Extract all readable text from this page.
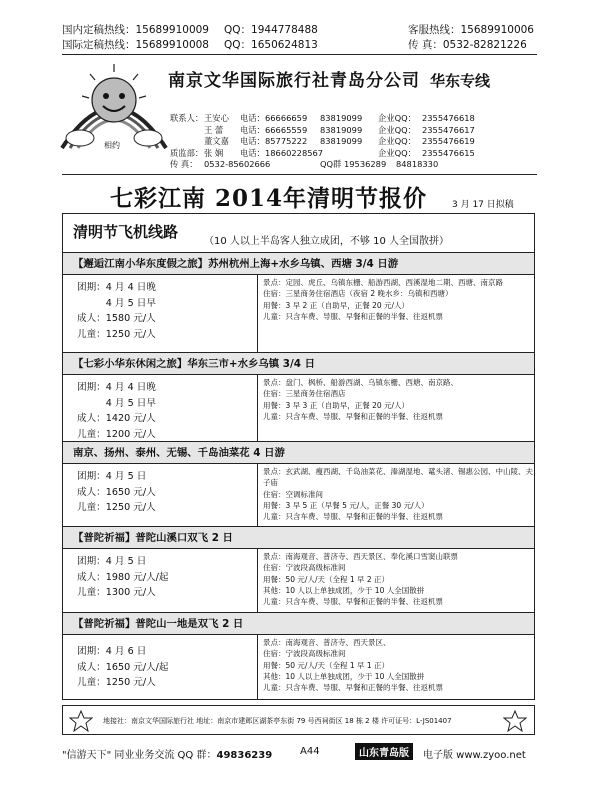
国内定稿热线：15689910009 QQ：1944778488	客服热线：15689910006
国际定稿热线：15689910008 QQ：1650624813	传 真：0532-82821226
相约
南京文华国际旅行社青岛分公司 华东专线
联系人： 王安心 电话： 66666659 83819099 企业QQ： 2355476618
王 蕾 电话： 66665559 83819099 企业QQ： 2355476617
董文嘉 电话： 85775222 83819099 企业QQ： 2355476619
质监部： 张 娴 电话： 18660228567	企业QQ： 2355476615
传 真： 0532-85602666	QQ群 19536289 84818330
七彩江南 2014年清明节报价	3 月 17 日拟稿
清明节飞机线路
（10 人以上半岛客人独立成团，不够 10 人全国散拼）
【邂逅江南小华东度假之旅】苏州杭州上海+水乡乌镇、西塘 3/4 日游
团期：4 月 4 日晚
　　　4 月 5 日早
成人：1580 元/人
儿童：1250 元/人
景点：定园、虎丘、乌镇东栅、船游西湖、西溪湿地二期、西塘、南京路
住宿：三星商务住宿酒店（夜宿 2 晚水乡：乌镇和西塘）
用餐：3 早 2 正（自助早，正餐 20 元/人）
儿童：只含车费、导服、早餐和正餐的半餐、往返机票
【七彩小华东休闲之旅】华东三市+水乡乌镇 3/4 日
团期：4 月 4 日晚
　　　4 月 5 日早
成人：1420 元/人
儿童：1200 元/人
景点：盘门、枫桥、船游西湖、乌镇东栅、西塘、南京路、
住宿：三星商务住宿酒店
用餐：3 早 3 正（自助早，正餐 20 元/人）
儿童：只含车费、导服、早餐和正餐的半餐、往返机票
南京、扬州、泰州、无锡、千岛油菜花 4 日游
团期：4 月 5 日
成人：1650 元/人
儿童：1250 元/人
景点：玄武湖、瘦西湖、千岛油菜花、溱湖湿地、鼋头渚、锡惠公园、中山陵、夫子庙
住宿：空调标准间
用餐：3 早 5 正（早餐 5 元/人，正餐 30 元/人）
儿童：只含车费、导服、早餐和正餐的半餐、往返机票
【普陀祈福】普陀山溪口双飞 2 日
团期：4 月 5 日
成人：1980 元/人/起
儿童：1300 元/人
景点：南海观音、普济寺、西天景区、奉化溪口雪窦山联票
住宿：宁波段高级标准间
用餐：50 元/人/天（全程 1 早 2 正）
其他：10 人以上单独成团，少于 10 人全国散拼
儿童：只含车费、导服、早餐和正餐的半餐、往返机票
【普陀祈福】普陀山一地是双飞 2 日
团期：4 月 6 日
成人：1650 元/人/起
儿童：1250 元/人
景点：南海观音、普济寺、西天景区、
住宿：宁波段高级标准间
用餐：50 元/人/天（全程 1 早 1 正）
其他：10 人以上单独成团，少于 10 人全国散拼
儿童：只含车费、导服、早餐和正餐的半餐、往返机票
地接社：南京文华国际旅行社 地址：南京市建邺区湖茶亭东街 79 号西祠街区 18 栋 2 楼 许可证号：L-JS01407
"信游天下" 同业业务交流 QQ 群：49836239	A44	山东青岛版	电子版 www.zyoo.net
